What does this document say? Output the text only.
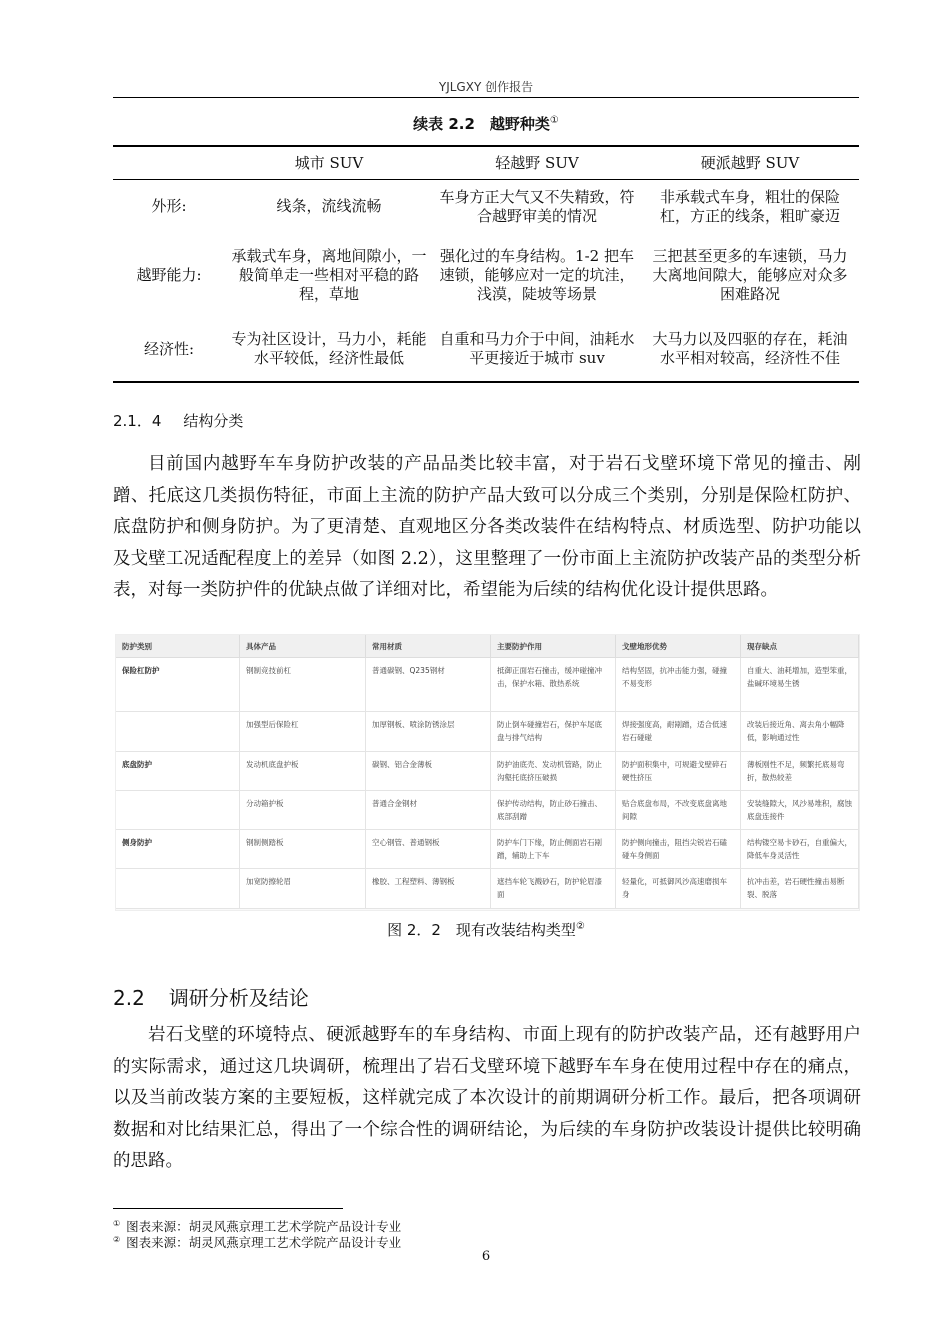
YJLGXY 创作报告
续表 2.2　越野种类①
	城市 SUV	轻越野 SUV	硬派越野 SUV
外形:	线条，流线流畅	车身方正大气又不失精致，符合越野审美的情况	非承载式车身，粗壮的保险杠，方正的线条，粗旷豪迈
越野能力:	承载式车身，离地间隙小，一般简单走一些相对平稳的路程，草地	强化过的车身结构。1-2 把车速锁，能够应对一定的坑洼，浅漠，陡坡等场景	三把甚至更多的车速锁，马力大离地间隙大，能够应对众多困难路况
经济性:	专为社区设计，马力小，耗能水平较低，经济性最低	自重和马力介于中间，油耗水平更接近于城市 suv	大马力以及四驱的存在，耗油水平相对较高，经济性不佳
2.1．4 结构分类

目前国内越野车车身防护改装的产品品类比较丰富，对于岩石戈壁环境下常见的撞击、剐蹭、托底这几类损伤特征，市面上主流的防护产品大致可以分成三个类别，分别是保险杠防护、底盘防护和侧身防护。为了更清楚、直观地区分各类改装件在结构特点、材质选型、防护功能以及戈壁工况适配程度上的差异（如图 2.2），这里整理了一份市面上主流防护改装产品的类型分析表，对每一类防护件的优缺点做了详细对比，希望能为后续的结构优化设计提供思路。

防护类别	具体产品	常用材质	主要防护作用	戈壁地形优势	现存缺点
保险杠防护	钢制竞技前杠	普通碳钢、Q235钢材	抵御正面岩石撞击，缓冲碰撞冲击，保护水箱、散热系统	结构坚固，抗冲击能力强，碰撞不易变形	自重大、油耗增加，造型笨重，盐碱环境易生锈
	加强型后保险杠	加厚钢板、喷涂防锈涂层	防止倒车碰撞岩石，保护车尾底盘与排气结构	焊接强度高，耐剐蹭，适合低速岩石碰碰	改装后接近角、离去角小幅降低，影响通过性
底盘防护	发动机底盘护板	碳钢、铝合金薄板	防护油底壳、发动机管路，防止沟壑托底挤压破损	防护面积集中，可规避戈壁碎石硬性挤压	薄板刚性不足，频繁托底易弯折，散热较差
	分动箱护板	普通合金钢材	保护传动结构，防止砂石撞击、底部刮蹭	贴合底盘布局，不改变底盘离地间隙	安装缝隙大，风沙易堆积，腐蚀底盘连接件
侧身防护	钢制侧踏板	空心钢管、普通钢板	防护车门下缘，防止侧面岩石剐蹭，辅助上下车	防护侧向撞击，阻挡尖锐岩石磕碰车身侧面	结构镂空易卡砂石，自重偏大，降低车身灵活性
	加宽防擦轮眉	橡胶、工程塑料、薄钢板	遮挡车轮飞溅砂石，防护轮眉漆面	轻量化，可抵御风沙高速磨损车身	抗冲击差，岩石硬性撞击易断裂、脱落
图 2．2　现有改装结构类型②
2.2 调研分析及结论

岩石戈壁的环境特点、硬派越野车的车身结构、市面上现有的防护改装产品，还有越野用户的实际需求，通过这几块调研，梳理出了岩石戈壁环境下越野车车身在使用过程中存在的痛点，以及当前改装方案的主要短板，这样就完成了本次设计的前期调研分析工作。最后，把各项调研数据和对比结果汇总，得出了一个综合性的调研结论，为后续的车身防护改装设计提供比较明确的思路。

① 图表来源：胡灵风燕京理工艺术学院产品设计专业
② 图表来源：胡灵风燕京理工艺术学院产品设计专业
6
